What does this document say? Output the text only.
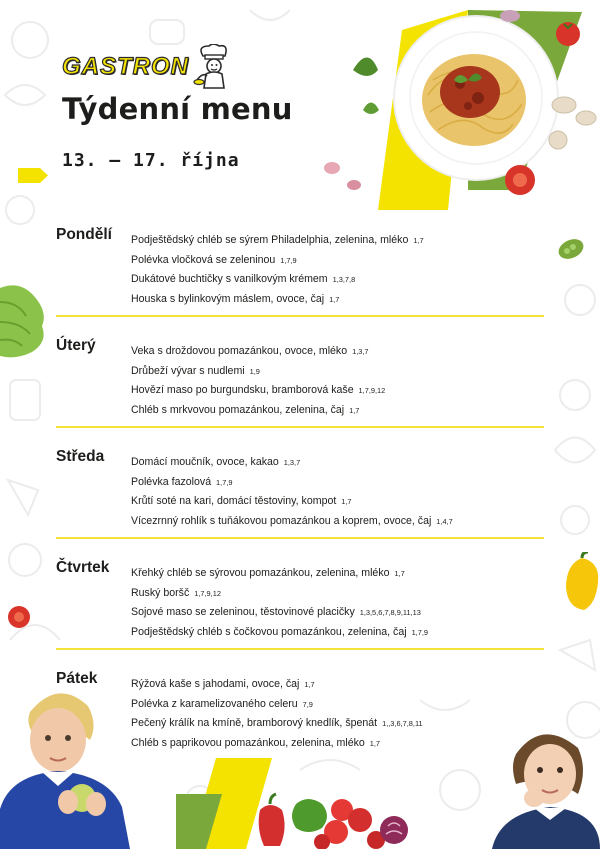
GASTRON
Týdenní menu
13. – 17. října
Pondělí Podještědský chléb se sýrem Philadelphia, zelenina, mléko 1,7
Polévka vločková se zeleninou 1,7,9
Dukátové buchtičky s vanilkovým krémem 1,3,7,8
Houska s bylinkovým máslem, ovoce, čaj 1,7
Úterý	Veka s droždovou pomazánkou, ovoce, mléko 1,3,7
Drůbeží vývar s nudlemi 1,9
Hovězí maso po burgundsku, bramborová kaše 1,7,9,12
Chléb s mrkvovou pomazánkou, zelenina, čaj 1,7
Středa	Domácí moučník, ovoce, kakao 1,3,7
Polévka fazolová 1,7,9
Krůtí soté na kari, domácí těstoviny, kompot 1,7
Vícezrnný rohlík s tuňákovou pomazánkou a koprem, ovoce, čaj 1,4,7
Čtvrtek Křehký chléb se sýrovou pomazánkou, zelenina, mléko 1,7
Ruský boršč 1,7,9,12
Sojové maso se zeleninou, těstovinové placičky 1,3,5,6,7,8,9,11,13
Podještědský chléb s čočkovou pomazánkou, zelenina, čaj 1,7,9
Pátek	Rýžová kaše s jahodami, ovoce, čaj 1,7
Polévka z karamelizovaného celeru 7,9
Pečený králík na kmíně, bramborový knedlík, špenát 1,,3,6,7,8,11
Chléb s paprikovou pomazánkou, zelenina, mléko 1,7
